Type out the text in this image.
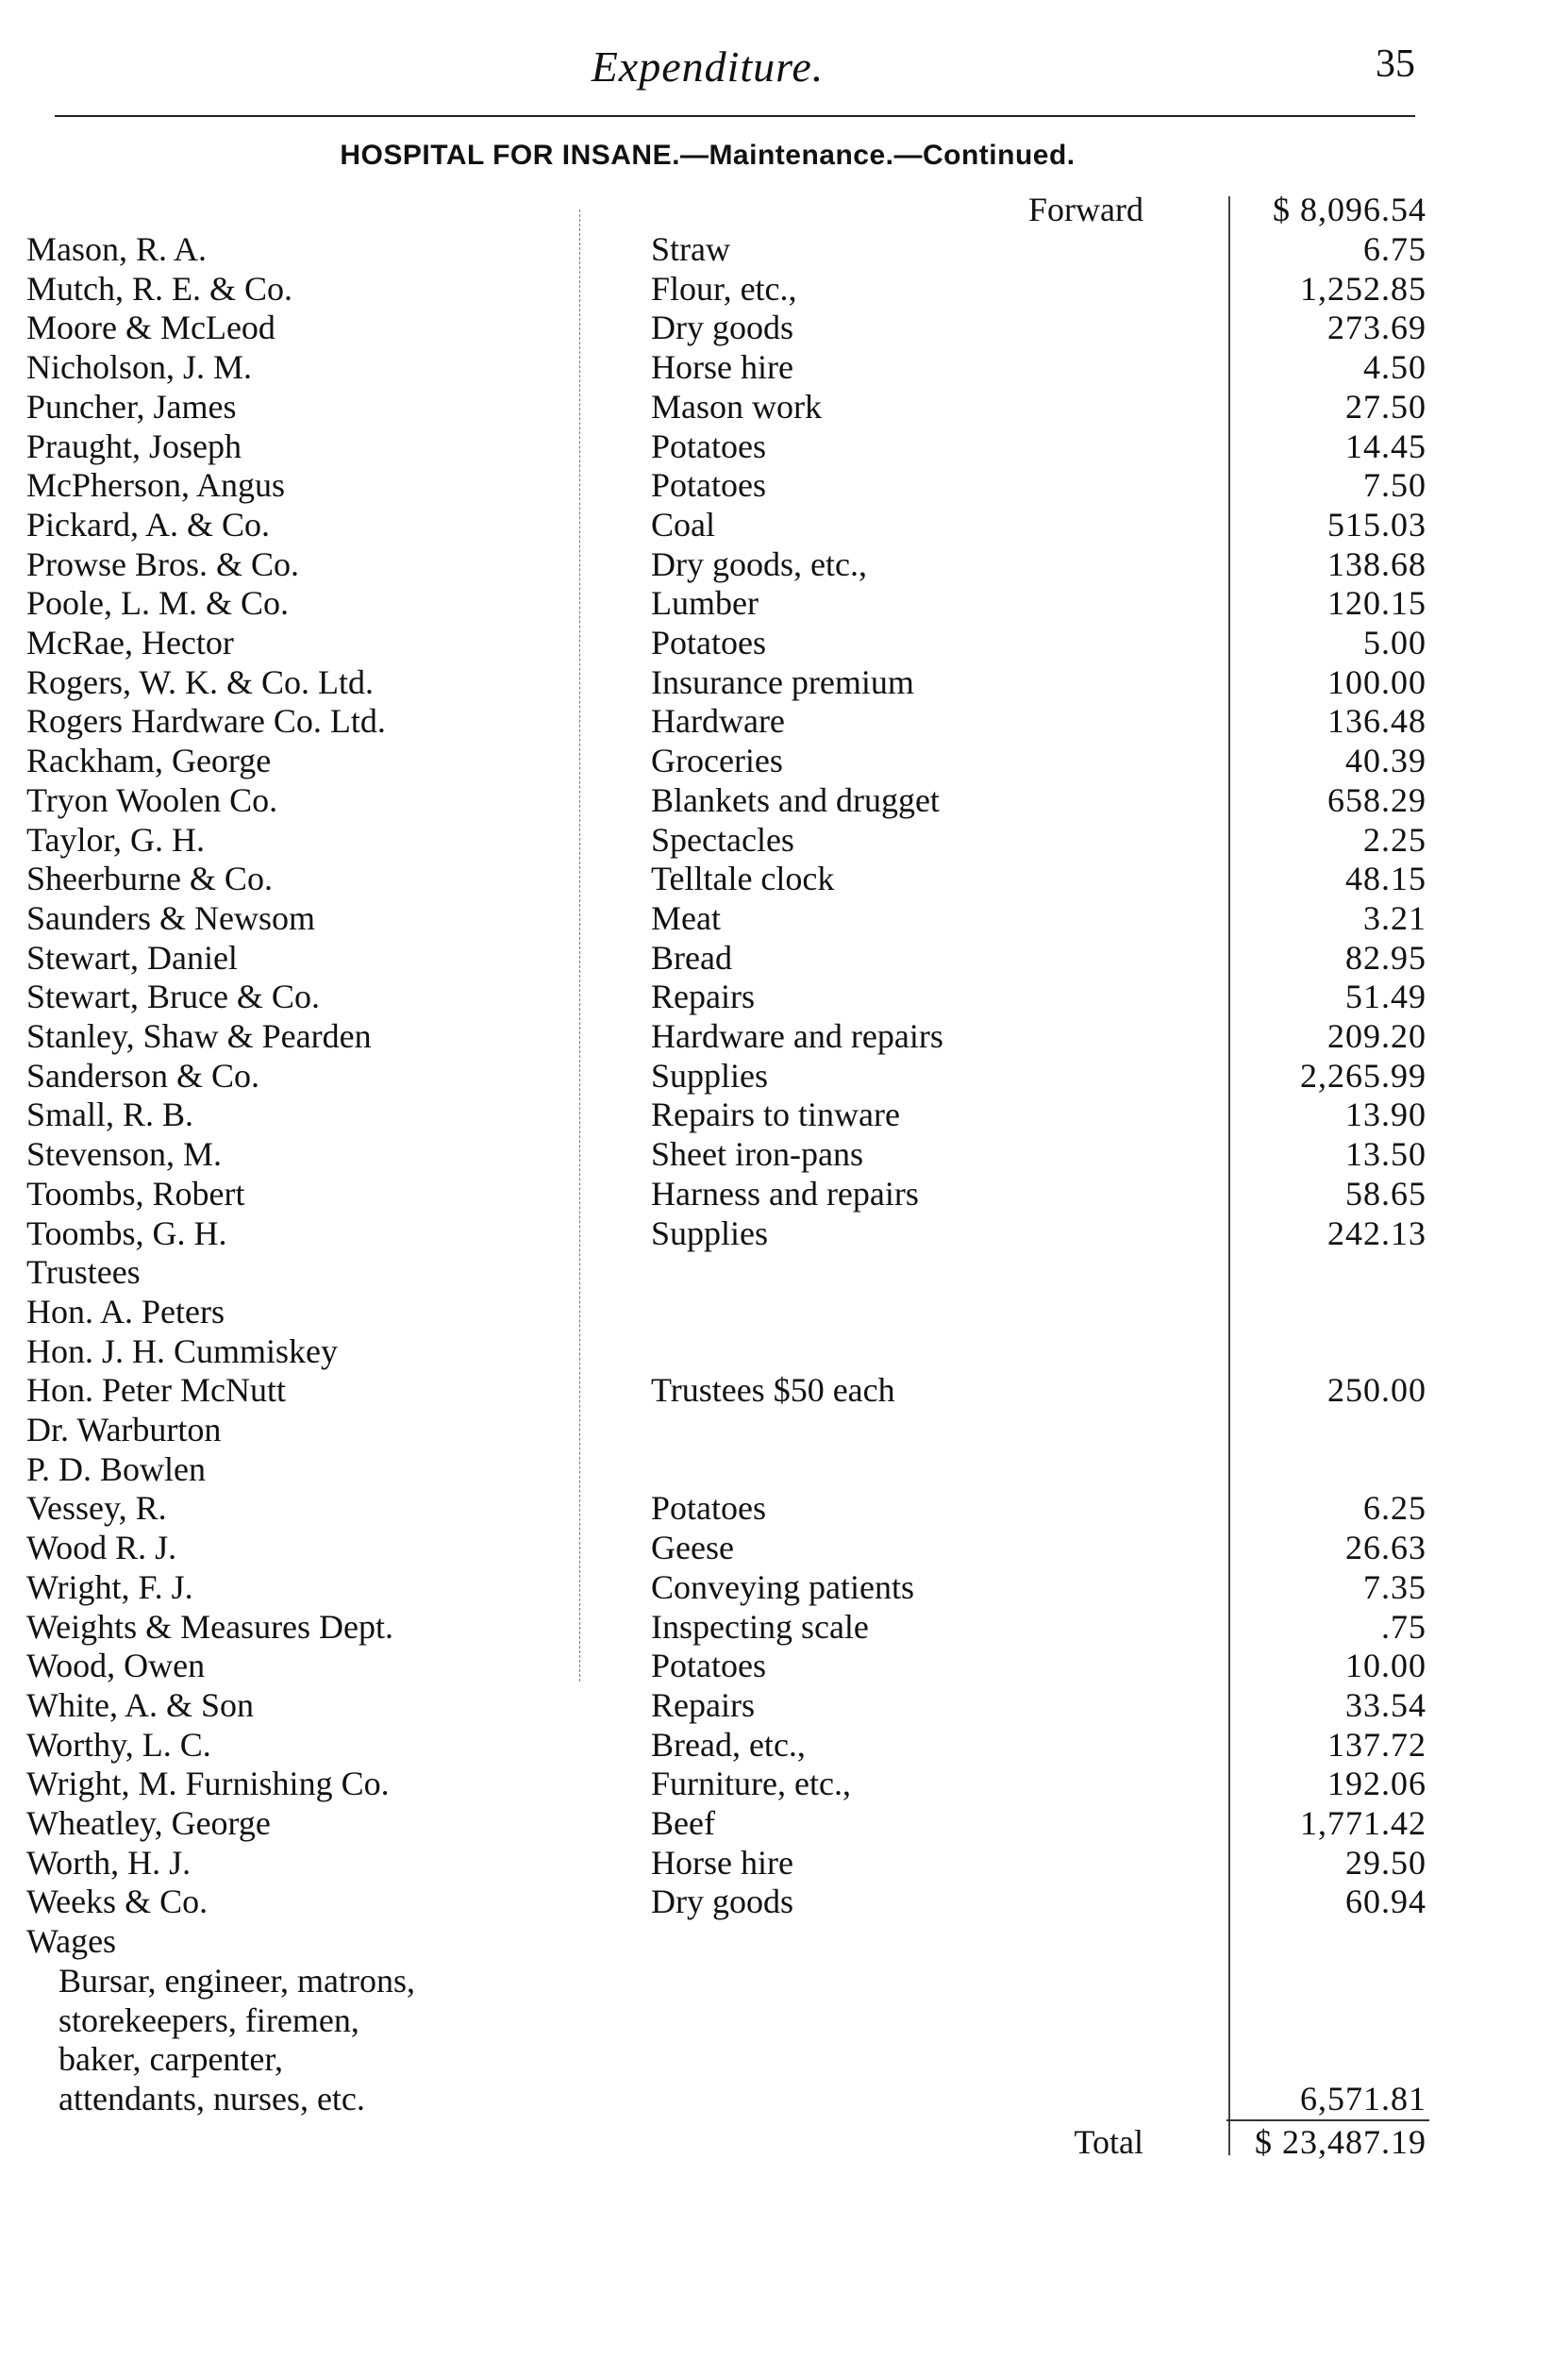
Expenditure.	35
HOSPITAL FOR INSANE.—Maintenance.—Continued.
Forward	$ 8,096.54
Mason, R. A.	Straw	6.75
Mutch, R. E. & Co.	Flour, etc.,	1,252.85
Moore & McLeod	Dry goods	273.69
Nicholson, J. M.	Horse hire	4.50
Puncher, James	Mason work	27.50
Praught, Joseph	Potatoes	14.45
McPherson, Angus	Potatoes	7.50
Pickard, A. & Co.	Coal	515.03
Prowse Bros. & Co.	Dry goods, etc.,	138.68
Poole, L. M. & Co.	Lumber	120.15
McRae, Hector	Potatoes	5.00
Rogers, W. K. & Co. Ltd.	Insurance premium	100.00
Rogers Hardware Co. Ltd.	Hardware	136.48
Rackham, George	Groceries	40.39
Tryon Woolen Co.	Blankets and drugget	658.29
Taylor, G. H.	Spectacles	2.25
Sheerburne & Co.	Telltale clock	48.15
Saunders & Newsom	Meat	3.21
Stewart, Daniel	Bread	82.95
Stewart, Bruce & Co.	Repairs	51.49
Stanley, Shaw & Pearden	Hardware and repairs	209.20
Sanderson & Co.	Supplies	2,265.99
Small, R. B.	Repairs to tinware	13.90
Stevenson, M.	Sheet iron-pans	13.50
Toombs, Robert	Harness and repairs	58.65
Toombs, G. H.	Supplies	242.13
Trustees
Hon. A. Peters
Hon. J. H. Cummiskey
Hon. Peter McNutt	Trustees $50 each	250.00
Dr. Warburton
P. D. Bowlen
Vessey, R.	Potatoes	6.25
Wood R. J.	Geese	26.63
Wright, F. J.	Conveying patients	7.35
Weights & Measures Dept.	Inspecting scale	.75
Wood, Owen	Potatoes	10.00
White, A. & Son	Repairs	33.54
Worthy, L. C.	Bread, etc.,	137.72
Wright, M. Furnishing Co.	Furniture, etc.,	192.06
Wheatley, George	Beef	1,771.42
Worth, H. J.	Horse hire	29.50
Weeks & Co.	Dry goods	60.94
Wages
Bursar, engineer, matrons,
storekeepers, firemen,
baker, carpenter,
attendants, nurses, etc.	6,571.81
Total	$ 23,487.19
